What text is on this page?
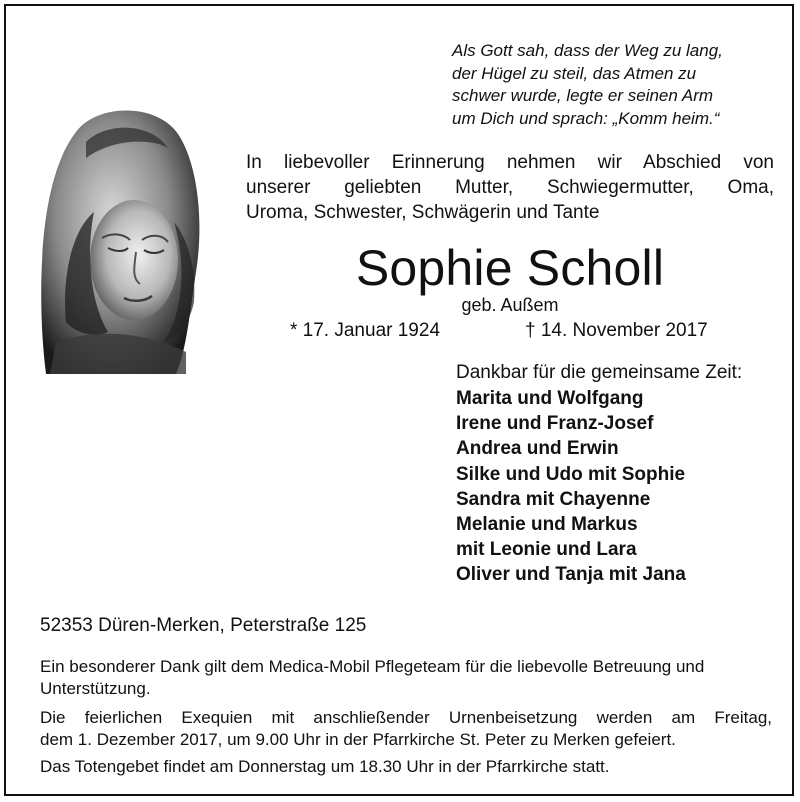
Als Gott sah, dass der Weg zu lang,
der Hügel zu steil, das Atmen zu
schwer wurde, legte er seinen Arm
um Dich und sprach: „Komm heim.“

In liebevoller Erinnerung nehmen wir Abschied von
unserer geliebten Mutter, Schwiegermutter, Oma,
Uroma, Schwester, Schwägerin und Tante

Sophie Scholl
geb. Außem
* 17. Januar 1924	† 14. November 2017
Dankbar für die gemeinsame Zeit:
Marita und Wolfgang
Irene und Franz-Josef
Andrea und Erwin
Silke und Udo mit Sophie
Sandra mit Chayenne
Melanie und Markus
mit Leonie und Lara
Oliver und Tanja mit Jana
52353 Düren-Merken, Peterstraße 125

Ein besonderer Dank gilt dem Medica-Mobil Pflegeteam für die liebevolle Betreuung und
Unterstützung.

Die feierlichen Exequien mit anschließender Urnenbeisetzung werden am Freitag,
dem 1. Dezember 2017, um 9.00 Uhr in der Pfarrkirche St. Peter zu Merken gefeiert.

Das Totengebet findet am Donnerstag um 18.30 Uhr in der Pfarrkirche statt.
